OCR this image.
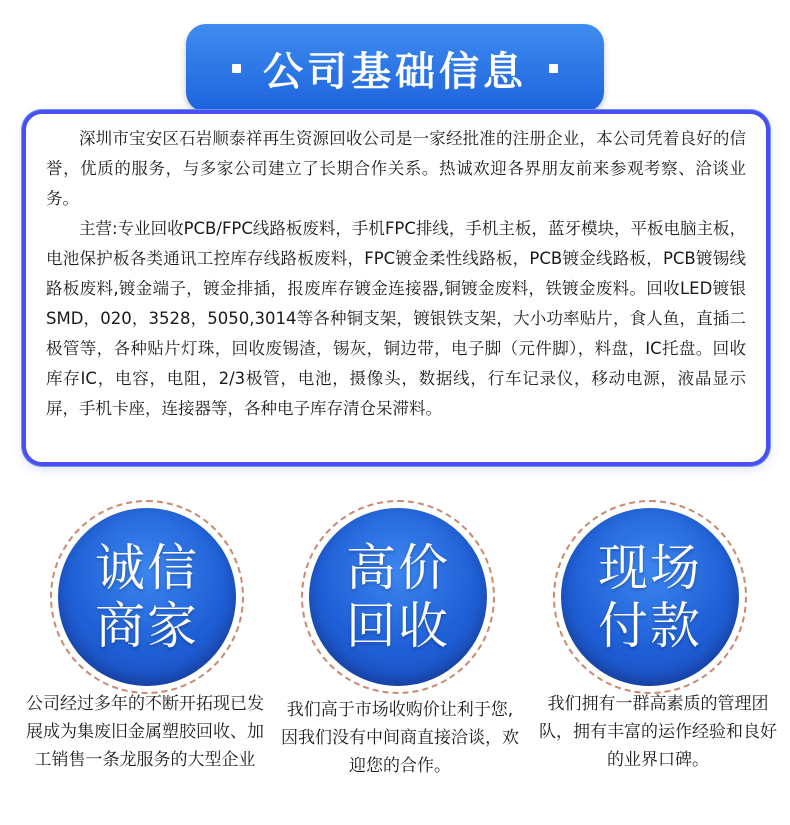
公司基础信息

深圳市宝安区石岩顺泰祥再生资源回收公司是一家经批准的注册企业，本公司凭着良好的信誉，优质的服务，与多家公司建立了长期合作关系。热诚欢迎各界朋友前来参观考察、洽谈业务。

主营:专业回收PCB/FPC线路板废料，手机FPC排线，手机主板，蓝牙模块，平板电脑主板，电池保护板各类通讯工控库存线路板废料，FPC镀金柔性线路板，PCB镀金线路板，PCB镀锡线路板废料,镀金端子，镀金排插，报废库存镀金连接器,铜镀金废料，铁镀金废料。回收LED镀银SMD，020，3528，5050,3014等各种铜支架，镀银铁支架，大小功率贴片，食人鱼，直插二极管等，各种贴片灯珠，回收废锡渣，锡灰，铜边带，电子脚（元件脚），料盘，IC托盘。回收库存IC，电容，电阻，2/3极管，电池，摄像头，数据线，行车记录仪，移动电源，液晶显示屏，手机卡座，连接器等，各种电子库存清仓呆滞料。

诚信
商家
公司经过多年的不断开拓现已发展成为集废旧金属塑胶回收、加工销售一条龙服务的大型企业
高价
回收
我们高于市场收购价让利于您,因我们没有中间商直接洽谈，欢迎您的合作。
现场
付款
我们拥有一群高素质的管理团队，拥有丰富的运作经验和良好的业界口碑。
